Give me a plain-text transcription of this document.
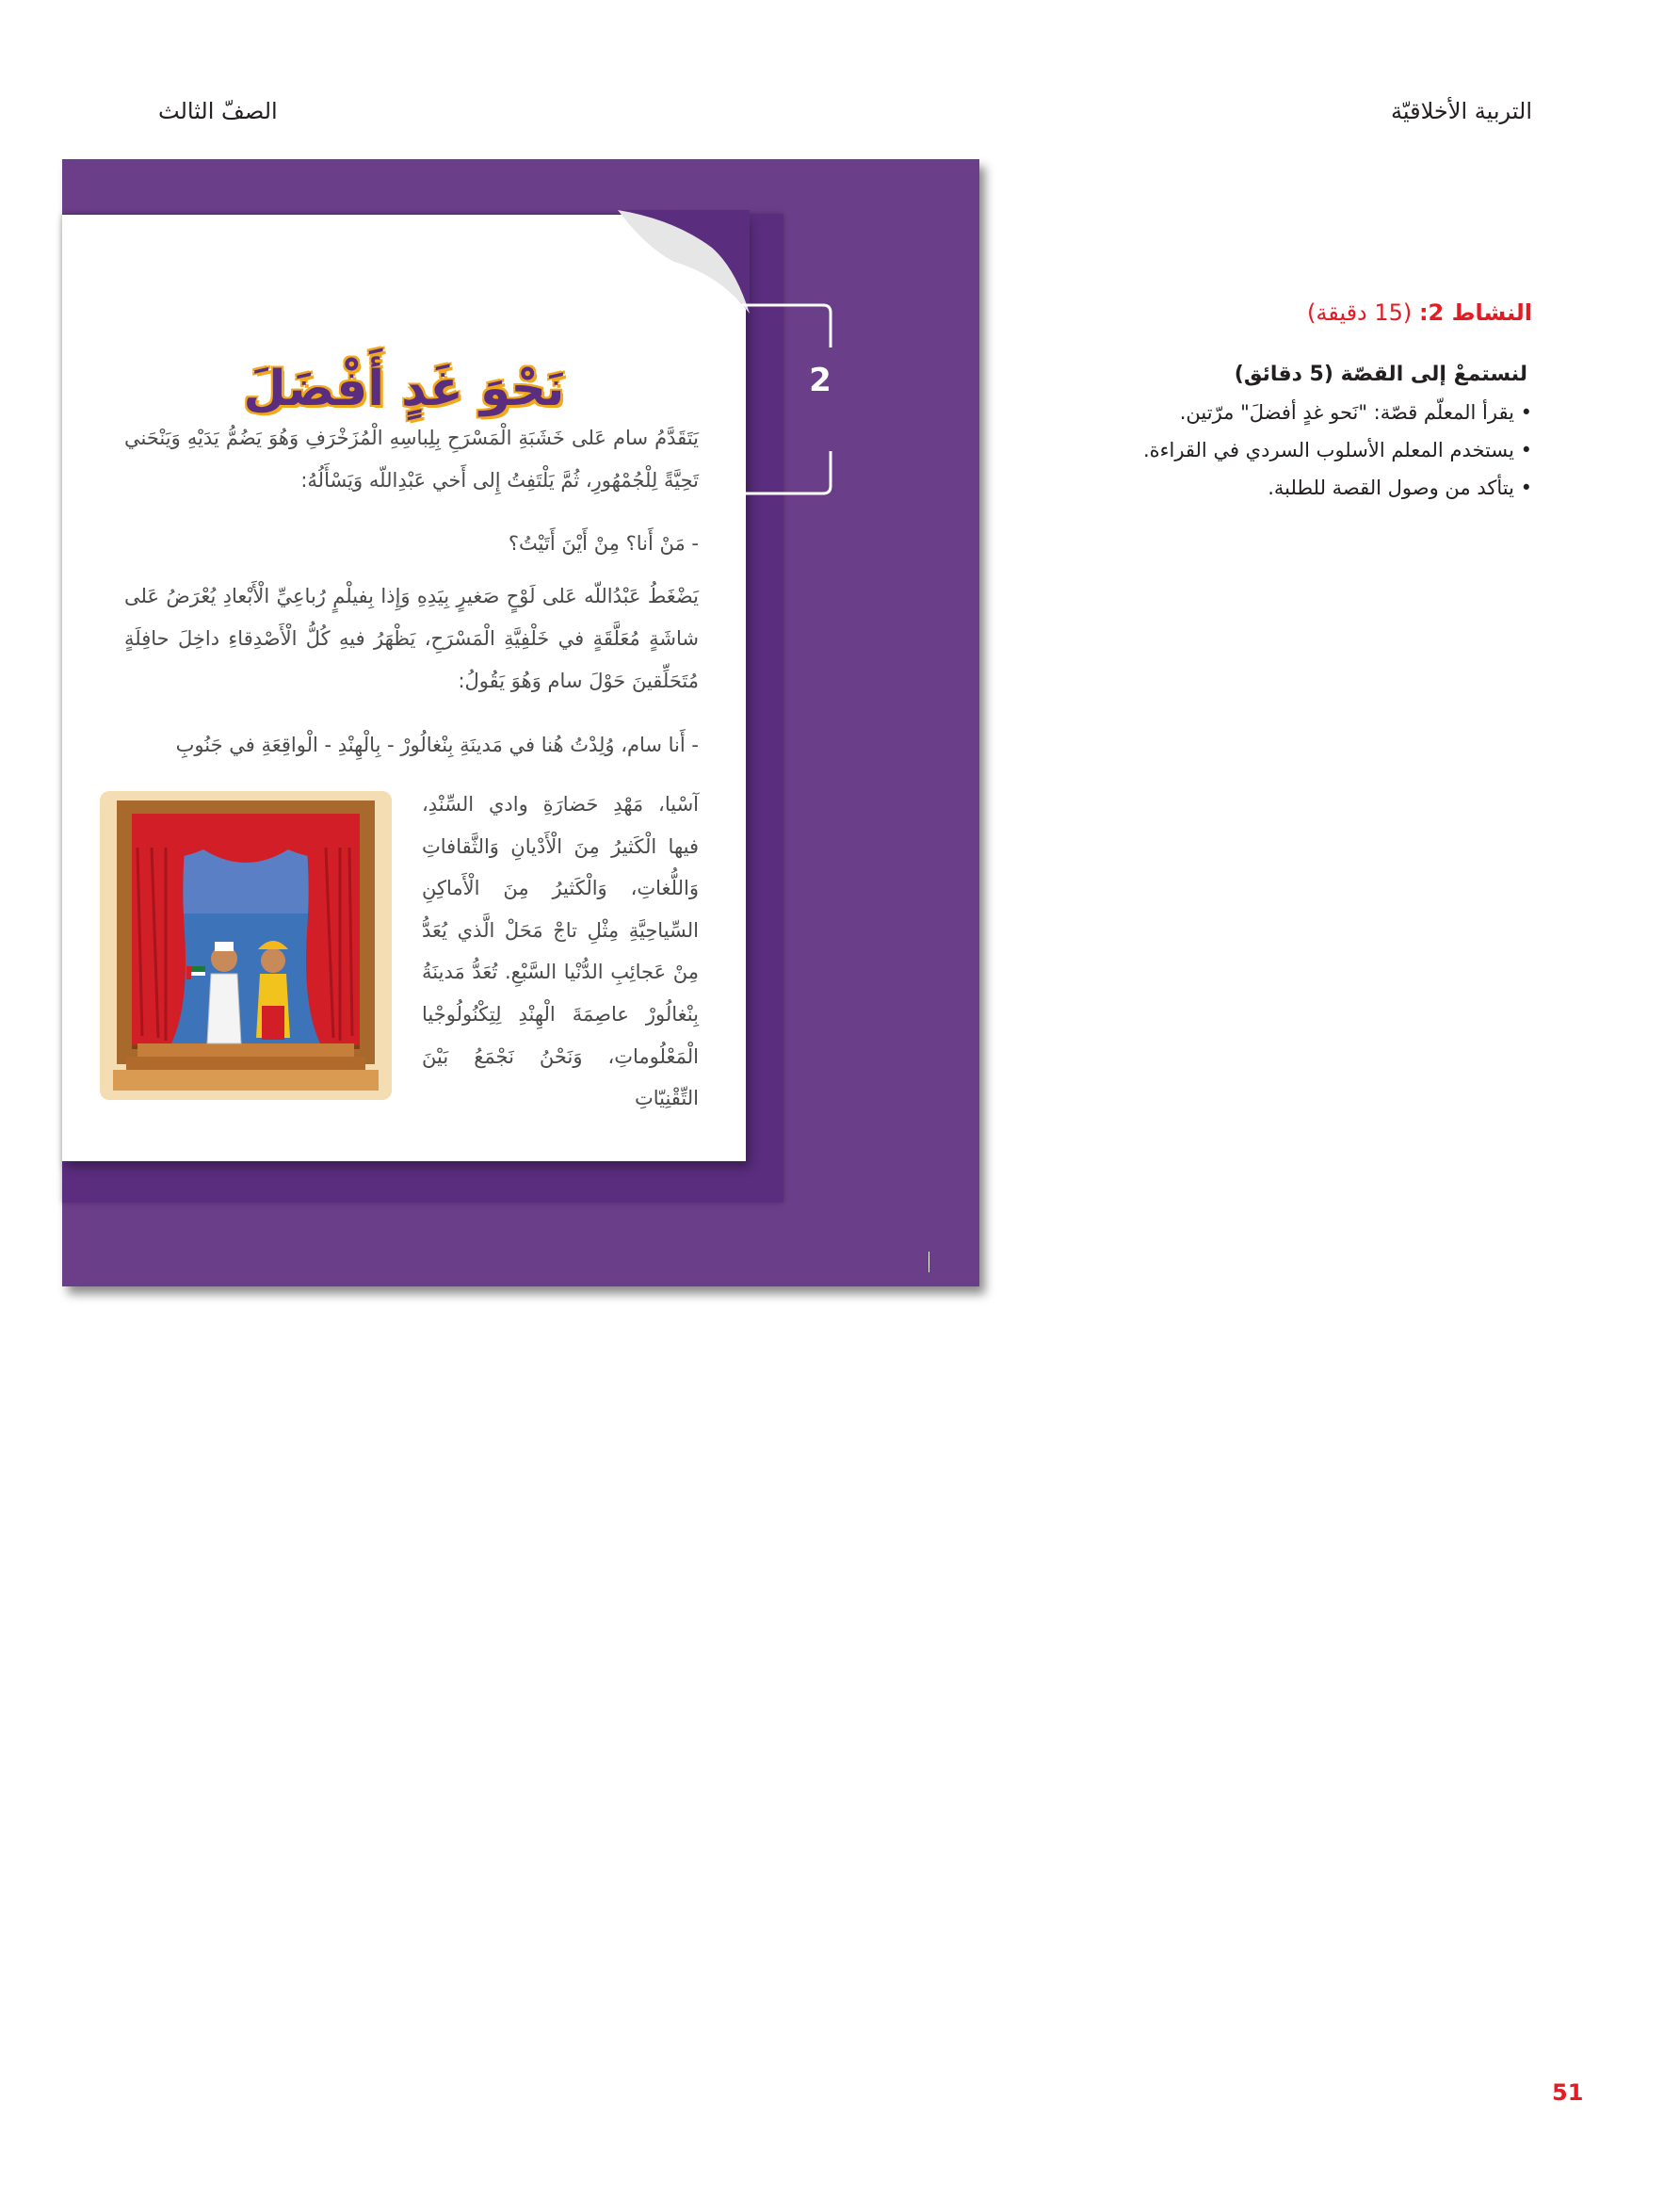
الصفّ الثالث	التربية الأخلاقيّة
نَحْوَ غَدٍ أَفْضَلَ
يَتَقَدَّمُ سام عَلى خَشَبَةِ الْمَسْرَحِ بِلِباسِهِ الْمُزَخْرَفِ وَهُوَ يَضُمُّ يَدَيْهِ وَيَنْحَني تَحِيَّةً لِلْجُمْهُورِ، ثُمَّ يَلْتَفِتُ إِلى أَخي عَبْدِاللّه وَيَسْأَلُهُ:
- مَنْ أَنا؟ مِنْ أَيْنَ أَتَيْتُ؟
يَضْغَطُ عَبْدُاللّه عَلى لَوْحٍ صَغيرٍ بِيَدِهِ وَإِذا بِفيلْمٍ رُباعِيِّ الْأَبْعادِ يُعْرَضُ عَلى شاشَةٍ مُعَلَّقَةٍ في خَلْفِيَّةِ الْمَسْرَحِ، يَظْهَرُ فيهِ كُلُّ الْأَصْدِقاءِ داخِلَ حافِلَةٍ مُتَحَلِّقينَ حَوْلَ سام وَهُوَ يَقُولُ:
- أَنا سام، وُلِدْتُ هُنا في مَدينَةِ بِنْغالُورْ - بِالْهِنْدِ - الْواقِعَةِ في جَنُوبِ
آسْيا، مَهْدِ حَضارَةِ وادي السِّنْدِ، فيها الْكَثيرُ مِنَ الْأَدْيانِ وَالثَّقافاتِ وَاللُّغاتِ، وَالْكَثيرُ مِنَ الْأَماكِنِ السِّياحِيَّةِ مِثْلِ تاجْ مَحَلْ الَّذي يُعَدُّ مِنْ عَجائِبِ الدُّنْيا السَّبْعِ. تُعَدُّ مَدينَةُ بِنْغالُورْ عاصِمَةَ الْهِنْدِ لِتِكْنُولُوجْيا الْمَعْلُوماتِ، وَنَحْنُ نَجْمَعُ بَيْنَ التِّقْنِيّاتِ
51
2
النشاط 2: (15 دقيقة)
لنستمعْ إلى القصّة (5 دقائق)
• يقرأ المعلّم قصّة: "نَحو غدٍ أفضلَ" مرّتين.
• يستخدم المعلم الأسلوب السردي في القراءة.
• يتأكد من وصول القصة للطلبة.
51
